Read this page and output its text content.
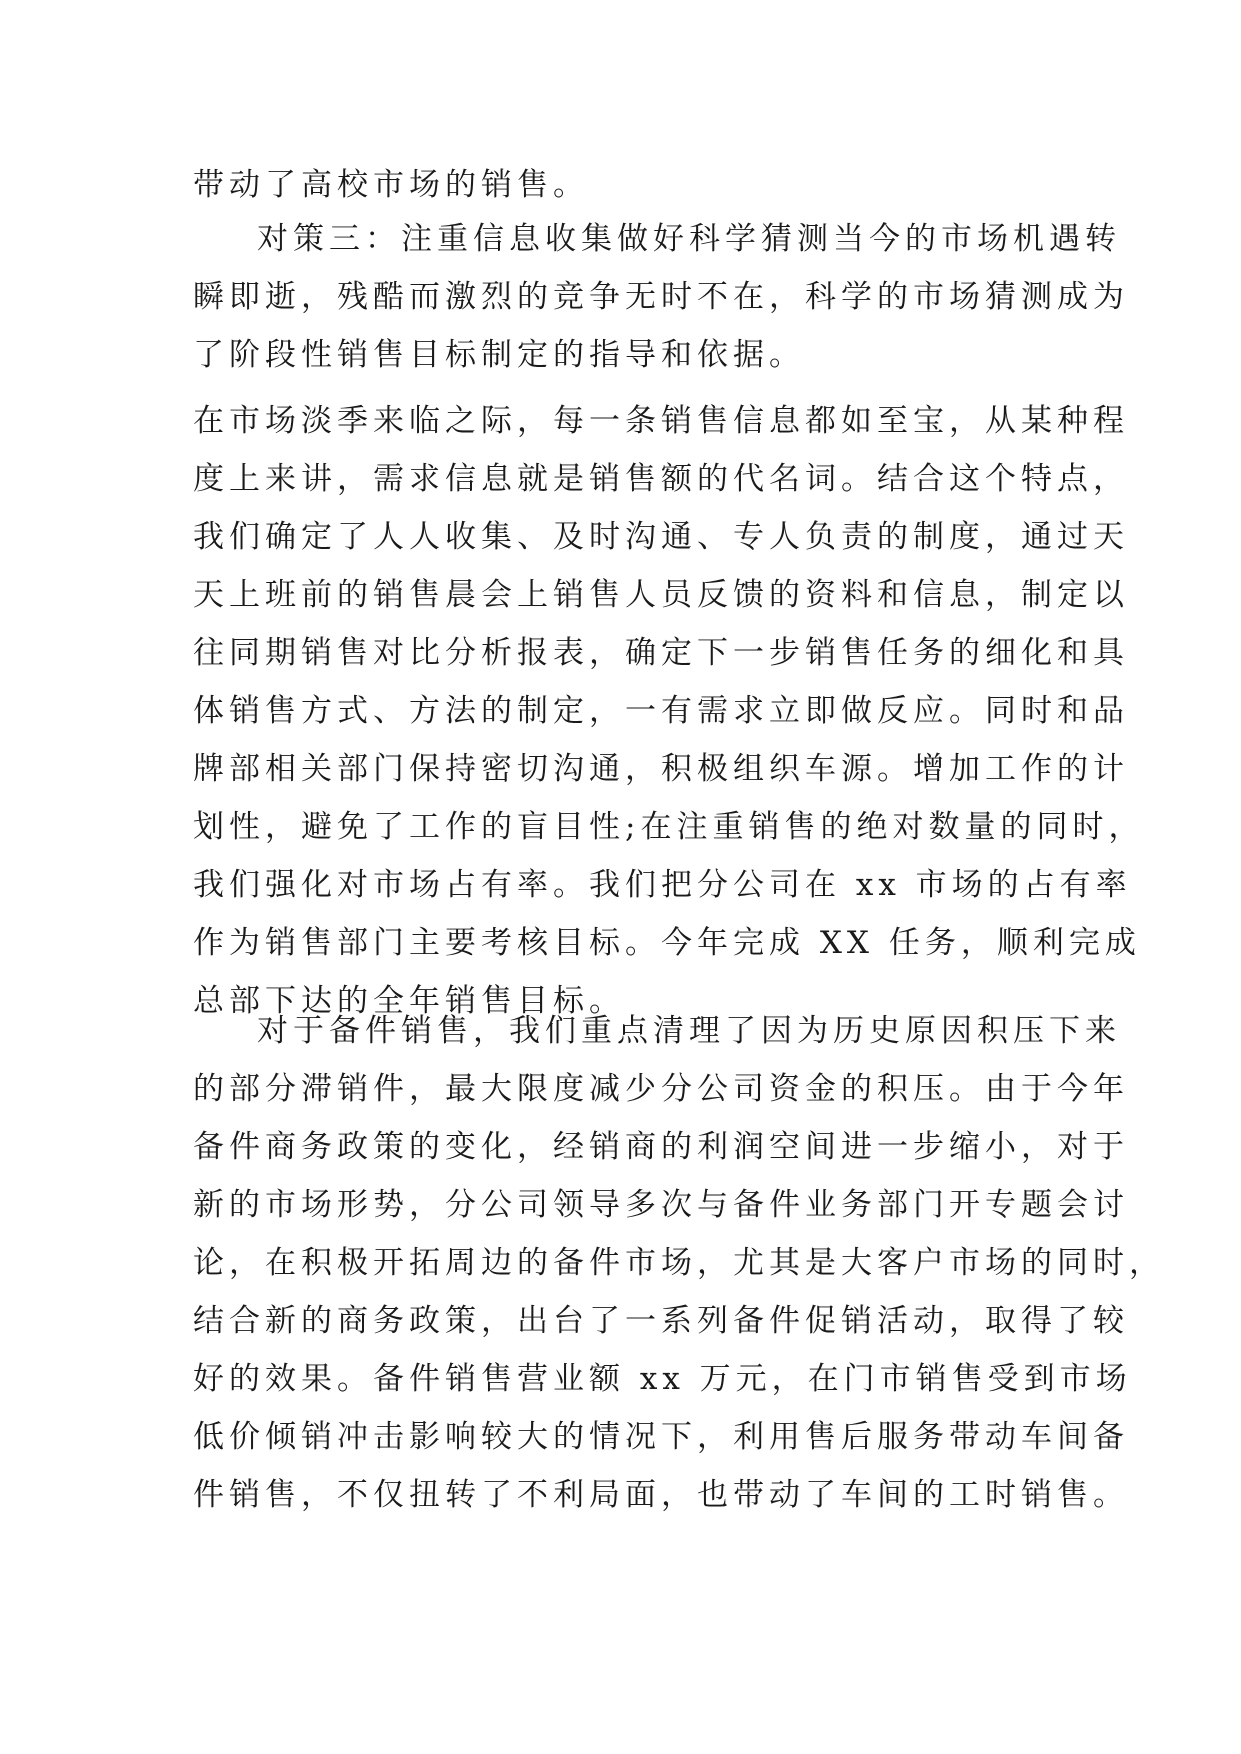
带动了高校市场的销售。
对策三：注重信息收集做好科学猜测当今的市场机遇转
瞬即逝，残酷而激烈的竞争无时不在，科学的市场猜测成为
了阶段性销售目标制定的指导和依据。
在市场淡季来临之际，每一条销售信息都如至宝，从某种程
度上来讲，需求信息就是销售额的代名词。结合这个特点，
我们确定了人人收集、及时沟通、专人负责的制度，通过天
天上班前的销售晨会上销售人员反馈的资料和信息，制定以
往同期销售对比分析报表，确定下一步销售任务的细化和具
体销售方式、方法的制定，一有需求立即做反应。同时和品
牌部相关部门保持密切沟通，积极组织车源。增加工作的计
划性，避免了工作的盲目性;在注重销售的绝对数量的同时，
我们强化对市场占有率。我们把分公司在 xx 市场的占有率
作为销售部门主要考核目标。今年完成 XX 任务，顺利完成
总部下达的全年销售目标。
对于备件销售，我们重点清理了因为历史原因积压下来
的部分滞销件，最大限度减少分公司资金的积压。由于今年
备件商务政策的变化，经销商的利润空间进一步缩小，对于
新的市场形势，分公司领导多次与备件业务部门开专题会讨
论，在积极开拓周边的备件市场，尤其是大客户市场的同时，
结合新的商务政策，出台了一系列备件促销活动，取得了较
好的效果。备件销售营业额 xx 万元，在门市销售受到市场
低价倾销冲击影响较大的情况下，利用售后服务带动车间备
件销售，不仅扭转了不利局面，也带动了车间的工时销售。
